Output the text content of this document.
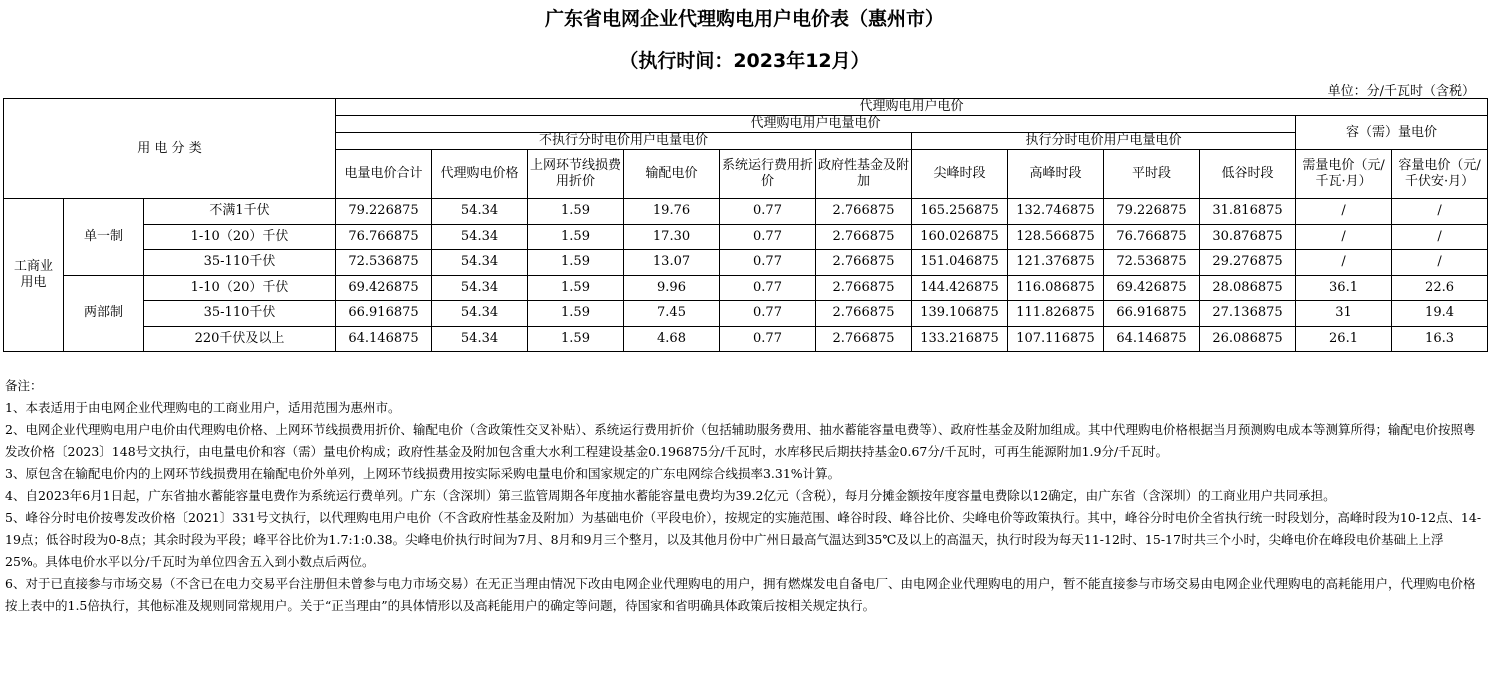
广东省电网企业代理购电用户电价表（惠州市）
（执行时间：2023年12月）
单位：分/千瓦时（含税）
用 电 分 类			代理购电用户电价											
			代理购电用户电量电价										容（需）量电价	
			不执行分时电价用户电量电价						执行分时电价用户电量电价					
			电量电价合计	代理购电价格	上网环节线损费用折价	输配电价	系统运行费用折价	政府性基金及附加	尖峰时段	高峰时段	平时段	低谷时段	需量电价（元/千瓦·月）	容量电价（元/千伏安·月）
工商业用电	单一制	不满1千伏	79.226875	54.34	1.59	19.76	0.77	2.766875	165.256875	132.746875	79.226875	31.816875	/	/
		1-10（20）千伏	76.766875	54.34	1.59	17.30	0.77	2.766875	160.026875	128.566875	76.766875	30.876875	/	/
		35-110千伏	72.536875	54.34	1.59	13.07	0.77	2.766875	151.046875	121.376875	72.536875	29.276875	/	/
	两部制	1-10（20）千伏	69.426875	54.34	1.59	9.96	0.77	2.766875	144.426875	116.086875	69.426875	28.086875	36.1	22.6
		35-110千伏	66.916875	54.34	1.59	7.45	0.77	2.766875	139.106875	111.826875	66.916875	27.136875	31	19.4
		220千伏及以上	64.146875	54.34	1.59	4.68	0.77	2.766875	133.216875	107.116875	64.146875	26.086875	26.1	16.3

备注：

1、本表适用于由电网企业代理购电的工商业用户，适用范围为惠州市。

2、电网企业代理购电用户电价由代理购电价格、上网环节线损费用折价、输配电价（含政策性交叉补贴）、系统运行费用折价（包括辅助服务费用、抽水蓄能容量电费等）、政府性基金及附加组成。其中代理购电价格根据当月预测购电成本等测算所得；输配电价按照粤发改价格〔2023〕148号文执行，由电量电价和容（需）量电价构成；政府性基金及附加包含重大水利工程建设基金0.196875分/千瓦时，水库移民后期扶持基金0.67分/千瓦时，可再生能源附加1.9分/千瓦时。

3、原包含在输配电价内的上网环节线损费用在输配电价外单列，上网环节线损费用按实际采购电量电价和国家规定的广东电网综合线损率3.31%计算。

4、自2023年6月1日起，广东省抽水蓄能容量电费作为系统运行费单列。广东（含深圳）第三监管周期各年度抽水蓄能容量电费均为39.2亿元（含税），每月分摊金额按年度容量电费除以12确定，由广东省（含深圳）的工商业用户共同承担。

5、峰谷分时电价按粤发改价格〔2021〕331号文执行，以代理购电用户电价（不含政府性基金及附加）为基础电价（平段电价），按规定的实施范围、峰谷时段、峰谷比价、尖峰电价等政策执行。其中，峰谷分时电价全省执行统一时段划分，高峰时段为10-12点、14-19点；低谷时段为0-8点；其余时段为平段；峰平谷比价为1.7:1:0.38。尖峰电价执行时间为7月、8月和9月三个整月，以及其他月份中广州日最高气温达到35℃及以上的高温天，执行时段为每天11-12时、15-17时共三个小时，尖峰电价在峰段电价基础上上浮25%。具体电价水平以分/千瓦时为单位四舍五入到小数点后两位。

6、对于已直接参与市场交易（不含已在电力交易平台注册但未曾参与电力市场交易）在无正当理由情况下改由电网企业代理购电的用户，拥有燃煤发电自备电厂、由电网企业代理购电的用户，暂不能直接参与市场交易由电网企业代理购电的高耗能用户，代理购电价格按上表中的1.5倍执行，其他标准及规则同常规用户。关于“正当理由”的具体情形以及高耗能用户的确定等问题，待国家和省明确具体政策后按相关规定执行。
